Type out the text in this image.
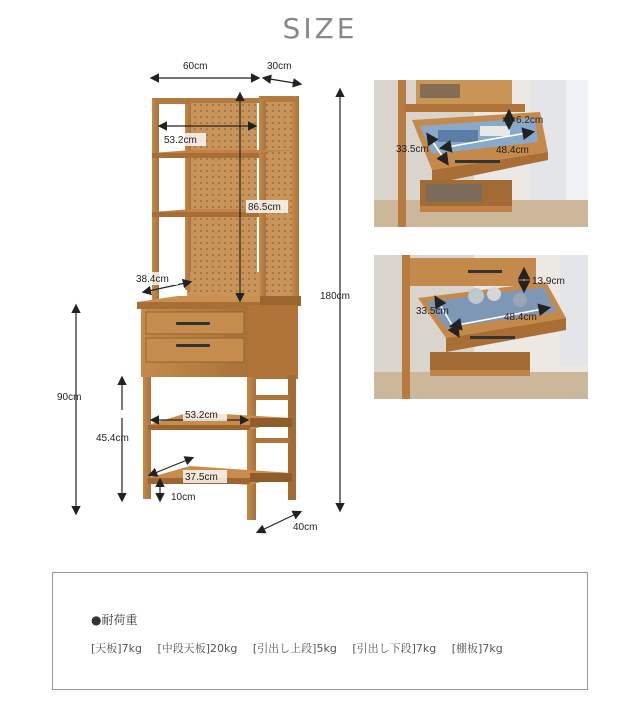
SIZE
60cm	30cm
53.2cm
86.5cm
38.4cm
180cm
90cm
45.4cm
53.2cm
37.5cm
10cm
40cm
33.5cm	48.4cm
6.2cm
33.5cm
48.4cm
13.9cm
●耐荷重
[天板]7kg [中段天板]20kg [引出し上段]5kg [引出し下段]7kg [棚板]7kg
